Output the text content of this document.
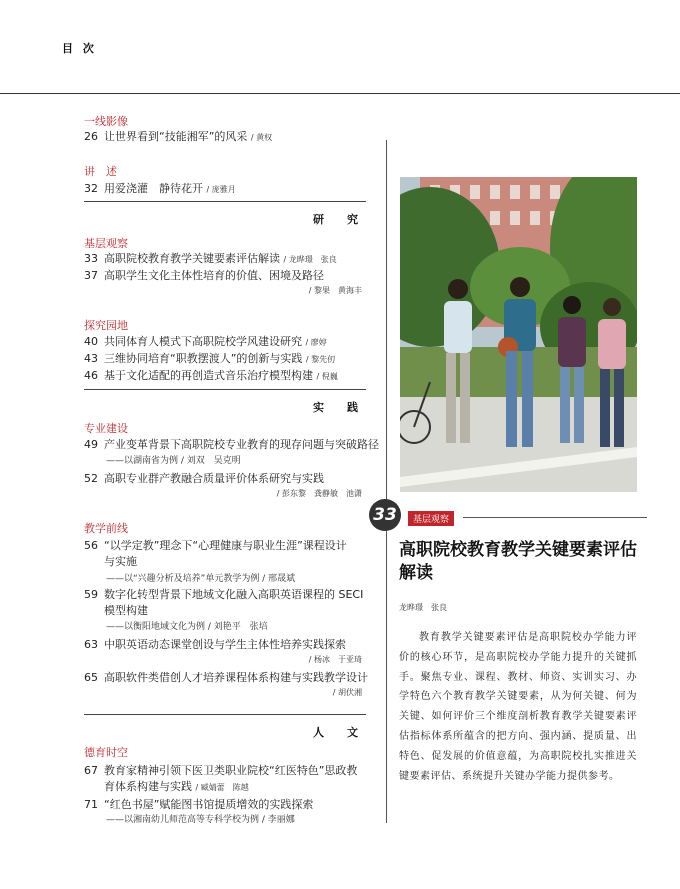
目 次
一线影像
26 让世界看到“技能湘军”的风采 / 黄权
讲　述
32 用爱浇灌　静待花开 / 庞雅月
研　究
基层观察
33 高职院校教育教学关键要素评估解读 / 龙晔璟　张良
37 高职学生文化主体性培育的价值、困境及路径
/ 黎果　黄海丰
探究园地
40 共同体育人模式下高职院校学风建设研究 / 廖婷
43 三维协同培育“职教摆渡人”的创新与实践 / 黎先仞
46 基于文化适配的再创造式音乐治疗模型构建 / 倪巍
实　践
专业建设
49 产业变革背景下高职院校专业教育的现存问题与突破路径
——以湖南省为例 / 刘双　吴克明
52 高职专业群产教融合质量评价体系研究与实践
/ 彭东黎　龚静敏　池潇
教学前线
56 “以学定教”理念下“心理健康与职业生涯”课程设计
与实施
——以“兴趣分析及培养”单元教学为例 / 邢晟斌
59 数字化转型背景下地域文化融入高职英语课程的 SECI
模型构建
——以衡阳地域文化为例 / 刘艳平　张培
63 中职英语动态课堂创设与学生主体性培养实践探索
/ 杨冰　于亚琦
65 高职软件类借创人才培养课程体系构建与实践教学设计
/ 胡伏湘
人　文
德育时空
67 教育家精神引领下医卫类职业院校“红医特色”思政教
育体系构建与实践 / 臧婧蕾　陈越
71 “红色书屋”赋能图书馆提质增效的实践探索
——以湘南幼儿师范高等专科学校为例 / 李丽娜
33	基层观察
高职院校教育教学关键要素评估解读
龙晔璟　张良
教育教学关键要素评估是高职院校办学能力评价的核心环节，是高职院校办学能力提升的关键抓手。聚焦专业、课程、教材、师资、实训实习、办学特色六个教育教学关键要素，从为何关键、何为关键、如何评价三个维度剖析教育教学关键要素评估指标体系所蕴含的把方向、强内涵、提质量、出特色、促发展的价值意蕴，为高职院校扎实推进关键要素评估、系统提升关键办学能力提供参考。
